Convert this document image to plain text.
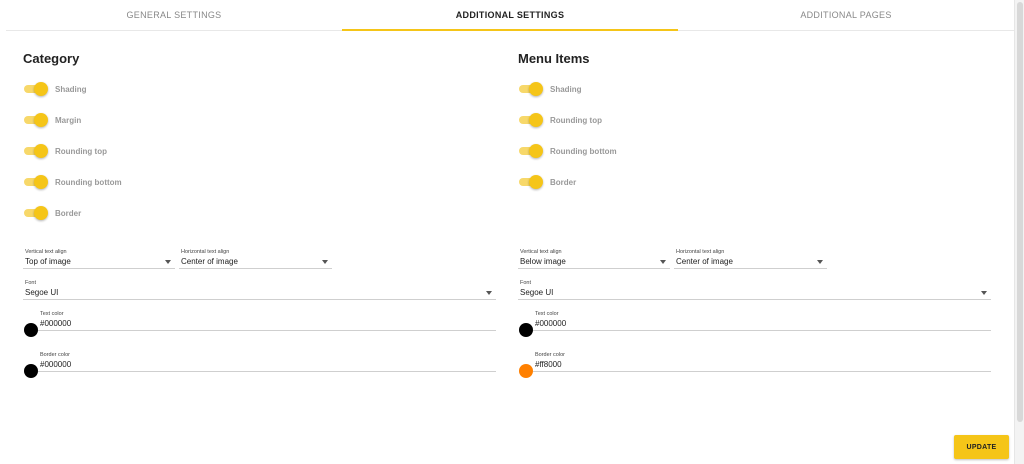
GENERAL SETTINGS	ADDITIONAL SETTINGS	ADDITIONAL PAGES
Category
Shading
Margin
Rounding top
Rounding bottom
Border
Vertical text align
Top of image
Horizontal text align
Center of image
Font
Segoe UI
Text color
#000000
Border color
#000000
Menu Items
Shading
Rounding top
Rounding bottom
Border
Vertical text align
Below image
Horizontal text align
Center of image
Font
Segoe UI
Text color
#000000
Border color
#ff8000
UPDATE
